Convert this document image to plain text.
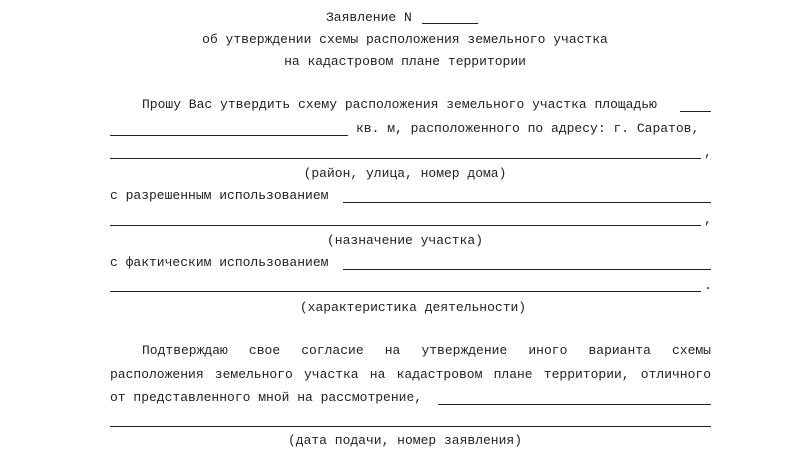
Заявление N
об утверждении схемы расположения земельного участка
на кадастровом плане территории
Прошу Вас утвердить схему расположения земельного участка площадью
кв. м, расположенного по адресу: г. Саратов,
,
(район, улица, номер дома)
с разрешенным использованием
,
(назначение участка)
с фактическим использованием
.
(характеристика деятельности)
Подтверждаю свое согласие на утверждение иного варианта схемы
расположения земельного участка на кадастровом плане территории, отличного
от представленного мной на рассмотрение,
(дата подачи, номер заявления)
